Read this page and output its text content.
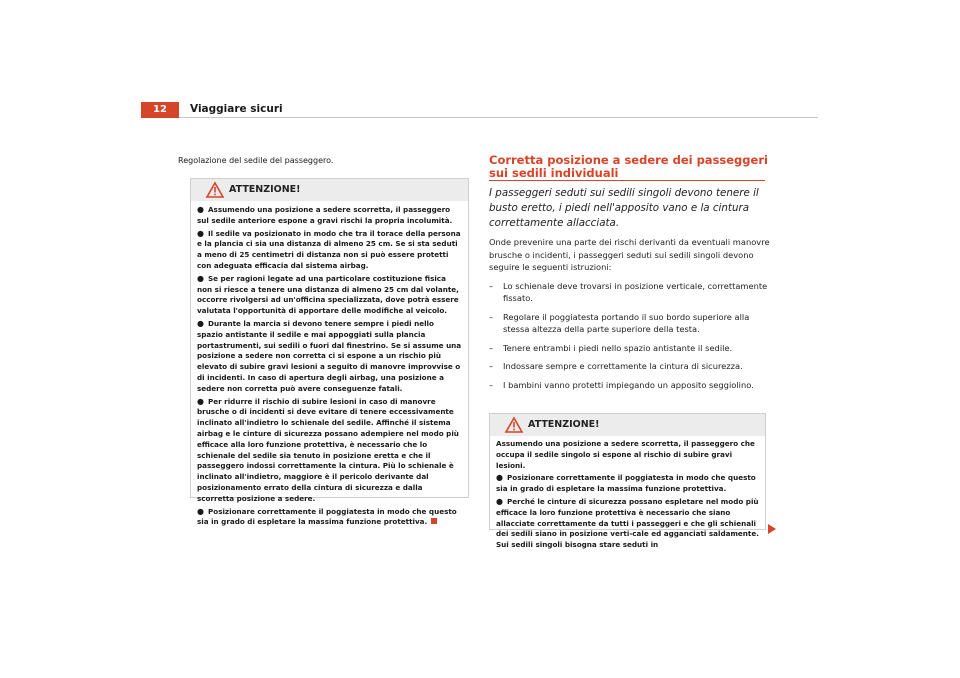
12	Viaggiare sicuri
Regolazione del sedile del passeggero.
ATTENZIONE!

● Assumendo una posizione a sedere scorretta, il passeggero sul sedile anteriore espone a gravi rischi la propria incolumità.

● Il sedile va posizionato in modo che tra il torace della persona e la plancia ci sia una distanza di almeno 25 cm. Se si sta seduti a meno di 25 centimetri di distanza non si può essere protetti con adeguata efficacia dal sistema airbag.

● Se per ragioni legate ad una particolare costituzione fisica non si riesce a tenere una distanza di almeno 25 cm dal volante, occorre rivolgersi ad un'officina specializzata, dove potrà essere valutata l'opportunità di apportare delle modifiche al veicolo.

● Durante la marcia si devono tenere sempre i piedi nello spazio antistante il sedile e mai appoggiati sulla plancia portastrumenti, sui sedili o fuori dal finestrino. Se si assume una posizione a sedere non corretta ci si espone a un rischio più elevato di subire gravi lesioni a seguito di manovre improvvise o di incidenti. In caso di apertura degli airbag, una posizione a sedere non corretta può avere conseguenze fatali.

● Per ridurre il rischio di subire lesioni in caso di manovre brusche o di incidenti si deve evitare di tenere eccessivamente inclinato all'indietro lo schienale del sedile. Affinché il sistema airbag e le cinture di sicurezza possano adempiere nel modo più efficace alla loro funzione protettiva, è necessario che lo schienale del sedile sia tenuto in posizione eretta e che il passeggero indossi correttamente la cintura. Più lo schienale è inclinato all'indietro, maggiore è il pericolo derivante dal posizionamento errato della cintura di sicurezza e dalla scorretta posizione a sedere.

● Posizionare correttamente il poggiatesta in modo che questo sia in grado di espletare la massima funzione protettiva.

Corretta posizione a sedere dei passeggeri sui sedili individuali
I passeggeri seduti sui sedili singoli devono tenere il busto eretto, i piedi nell'apposito vano e la cintura correttamente allacciata.

Onde prevenire una parte dei rischi derivanti da eventuali manovre brusche o incidenti, i passeggeri seduti sui sedili singoli devono seguire le seguenti istruzioni:

– Lo schienale deve trovarsi in posizione verticale, correttamente fissato.
– Regolare il poggiatesta portando il suo bordo superiore alla stessa altezza della parte superiore della testa.
– Tenere entrambi i piedi nello spazio antistante il sedile.
– Indossare sempre e correttamente la cintura di sicurezza.
– I bambini vanno protetti impiegando un apposito seggiolino.
ATTENZIONE!

Assumendo una posizione a sedere scorretta, il passeggero che occupa il sedile singolo si espone al rischio di subire gravi lesioni.

● Posizionare correttamente il poggiatesta in modo che questo sia in grado di espletare la massima funzione protettiva.

● Perché le cinture di sicurezza possano espletare nel modo più efficace la loro funzione protettiva è necessario che siano allacciate correttamente da tutti i passeggeri e che gli schienali dei sedili siano in posizione verti-cale ed agganciati saldamente. Sui sedili singoli bisogna stare seduti in
